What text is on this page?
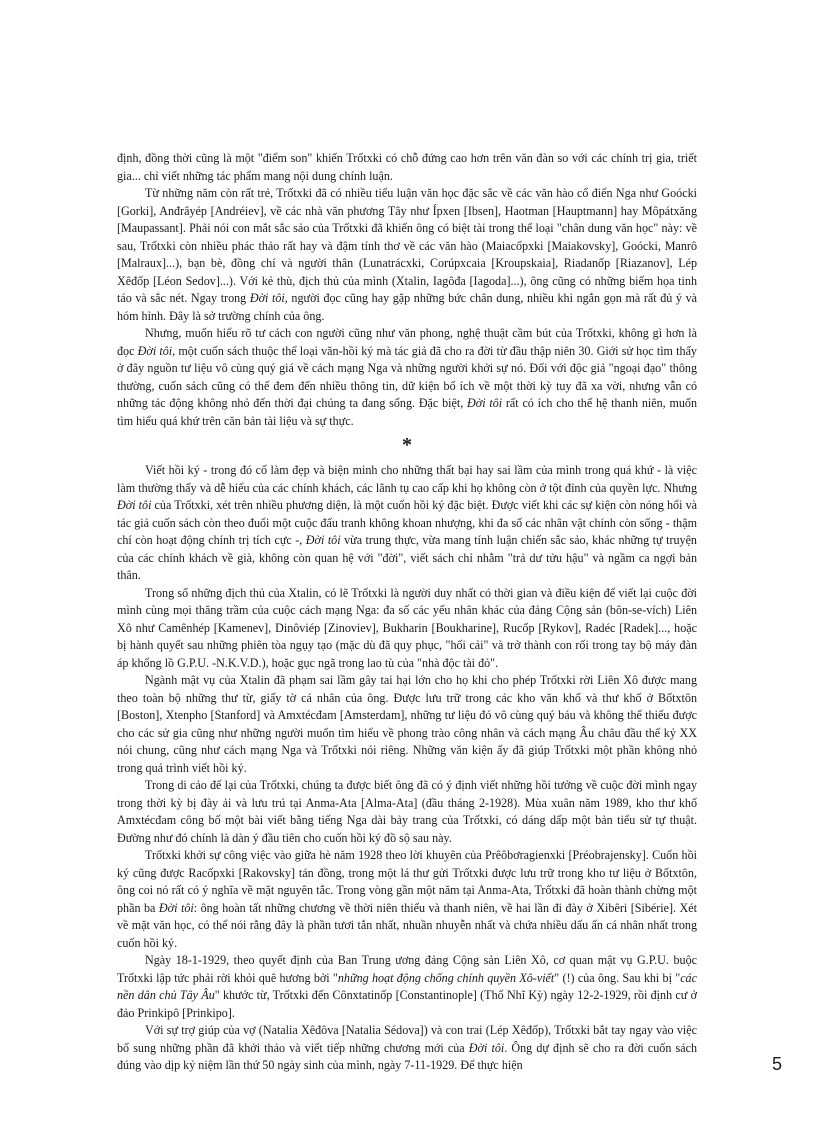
định, đồng thời cũng là một "điểm son" khiến Trốtxki có chỗ đứng cao hơn trên văn đàn so với các chính trị gia, triết gia... chỉ viết những tác phẩm mang nội dung chính luận.

Từ những năm còn rất trẻ, Trốtxki đã có nhiều tiểu luận văn học đặc sắc về các văn hào cổ điển Nga như Goócki [Gorki], Anđrâyép [Andréiev], về các nhà văn phương Tây như Ípxen [Ibsen], Haotman [Hauptmann] hay Môpátxăng [Maupassant]. Phải nói con mắt sắc sảo của Trốtxki đã khiến ông có biệt tài trong thể loại "chân dung văn học" này: về sau, Trốtxki còn nhiều phác thảo rất hay và đậm tính thơ về các văn hào (Maiacốpxki [Maiakovsky], Goócki, Manrô [Malraux]...), bạn bè, đồng chí và người thân (Lunatrácxki, Corúpxcaia [Kroupskaia], Riadanốp [Riazanov], Lép Xêđốp [Léon Sedov]...). Với kẻ thù, địch thủ của mình (Xtalin, Iagôđa [Iagoda]...), ông cũng có những biếm họa tinh táo và sắc nét. Ngay trong Đời tôi, người đọc cũng hay gặp những bức chân dung, nhiều khi ngắn gọn mà rất đủ ý và hóm hỉnh. Đây là sở trường chính của ông.

Nhưng, muốn hiểu rõ tư cách con người cũng như văn phong, nghệ thuật cầm bút của Trốtxki, không gì hơn là đọc Đời tôi, một cuốn sách thuộc thể loại văn-hồi ký mà tác giả đã cho ra đời từ đầu thập niên 30. Giới sử học tìm thấy ở đây nguồn tư liệu vô cùng quý giá về cách mạng Nga và những người khởi sự nó. Đối với độc giả "ngoại đạo" thông thường, cuốn sách cũng có thể đem đến nhiều thông tin, dữ kiện bổ ích về một thời kỳ tuy đã xa vời, nhưng vẫn có những tác động không nhỏ đến thời đại chúng ta đang sống. Đặc biệt, Đời tôi rất có ích cho thế hệ thanh niên, muốn tìm hiểu quá khứ trên căn bản tài liệu và sự thực.

*

Viết hồi ký - trong đó cố làm đẹp và biện minh cho những thất bại hay sai lầm của mình trong quá khứ - là việc làm thường thấy và dễ hiểu của các chính khách, các lãnh tụ cao cấp khi họ không còn ở tột đỉnh của quyền lực. Nhưng Đời tôi của Trốtxki, xét trên nhiều phương diện, là một cuốn hồi ký đặc biệt. Được viết khi các sự kiện còn nóng hổi và tác giả cuốn sách còn theo đuổi một cuộc đấu tranh không khoan nhượng, khi đa số các nhân vật chính còn sống - thậm chí còn hoạt động chính trị tích cực -, Đời tôi vừa trung thực, vừa mang tính luận chiến sắc sảo, khác những tự truyện của các chính khách về già, không còn quan hệ với "đời", viết sách chỉ nhằm "trả dư tửu hậu" và ngầm ca ngợi bản thân.

Trong số những địch thủ của Xtalin, có lẽ Trốtxki là người duy nhất có thời gian và điều kiện để viết lại cuộc đời mình cùng mọi thăng trầm của cuộc cách mạng Nga: đa số các yếu nhân khác của đảng Cộng sản (bôn-se-vích) Liên Xô như Camênhép [Kamenev], Dinôviép [Zinoviev], Bukharin [Boukharine], Rucốp [Rykov], Radéc [Radek]..., hoặc bị hành quyết sau những phiên tòa ngụy tạo (mặc dù đã quy phục, "hối cải" và trở thành con rối trong tay bộ máy đàn áp khổng lồ G.P.U. -N.K.V.D.), hoặc gục ngã trong lao tù của "nhà độc tài đỏ".

Ngành mật vụ của Xtalin đã phạm sai lầm gây tai hại lớn cho họ khi cho phép Trốtxki rời Liên Xô được mang theo toàn bộ những thư từ, giấy tờ cá nhân của ông. Được lưu trữ trong các kho văn khố và thư khố ở Bốtxtôn [Boston], Xtenpho [Stanford] và Amxtécđam [Amsterdam], những tư liệu đó vô cùng quý báu và không thể thiếu được cho các sử gia cũng như những người muốn tìm hiểu về phong trào công nhân và cách mạng Âu châu đầu thế kỷ XX nói chung, cũng như cách mạng Nga và Trốtxki nói riêng. Những văn kiện ấy đã giúp Trốtxki một phần không nhỏ trong quá trình viết hồi ký.

Trong di cảo để lại của Trốtxki, chúng ta được biết ông đã có ý định viết những hồi tưởng về cuộc đời mình ngay trong thời kỳ bị đày ải và lưu trú tại Anma-Ata [Alma-Ata] (đầu tháng 2-1928). Mùa xuân năm 1989, kho thư khố Amxtécđam công bố một bài viết bằng tiếng Nga dài bảy trang của Trốtxki, có dáng dấp một bản tiểu sử tự thuật. Đường như đó chính là dàn ý đầu tiên cho cuốn hồi ký đồ sộ sau này.

Trốtxki khởi sự công việc vào giữa hè năm 1928 theo lời khuyên của Prêôbơragienxki [Préobrajensky]. Cuốn hồi ký cũng được Racốpxki [Rakovsky] tán đồng, trong một lá thư gửi Trốtxki được lưu trữ trong kho tư liệu ở Bốtxtôn, ông coi nó rất có ý nghĩa về mặt nguyên tắc. Trong vòng gần một năm tại Anma-Ata, Trốtxki đã hoàn thành chừng một phần ba Đời tôi: ông hoàn tất những chương về thời niên thiếu và thanh niên, về hai lần đi đày ở Xibêri [Sibérie]. Xét về mặt văn học, có thể nói rằng đây là phần tươi tắn nhất, nhuần nhuyễn nhất và chứa nhiều dấu ấn cá nhân nhất trong cuốn hồi ký.

Ngày 18-1-1929, theo quyết định của Ban Trung ương đảng Cộng sản Liên Xô, cơ quan mật vụ G.P.U. buộc Trốtxki lập tức phải rời khỏi quê hương bởi "những hoạt động chống chính quyền Xô-viết" (!) của ông. Sau khi bị "các nền dân chủ Tây Âu" khước từ, Trốtxki đến Cônxtatinốp [Constantinople] (Thổ Nhĩ Kỳ) ngày 12-2-1929, rồi định cư ở đảo Prinkipô [Prinkipo].

Với sự trợ giúp của vợ (Natalia Xêđôva [Natalia Sédova]) và con trai (Lép Xêđốp), Trốtxki bắt tay ngay vào việc bổ sung những phần đã khởi thảo và viết tiếp những chương mới của Đời tôi. Ông dự định sẽ cho ra đời cuốn sách đúng vào dịp kỷ niệm lần thứ 50 ngày sinh của mình, ngày 7-11-1929. Để thực hiện	5
